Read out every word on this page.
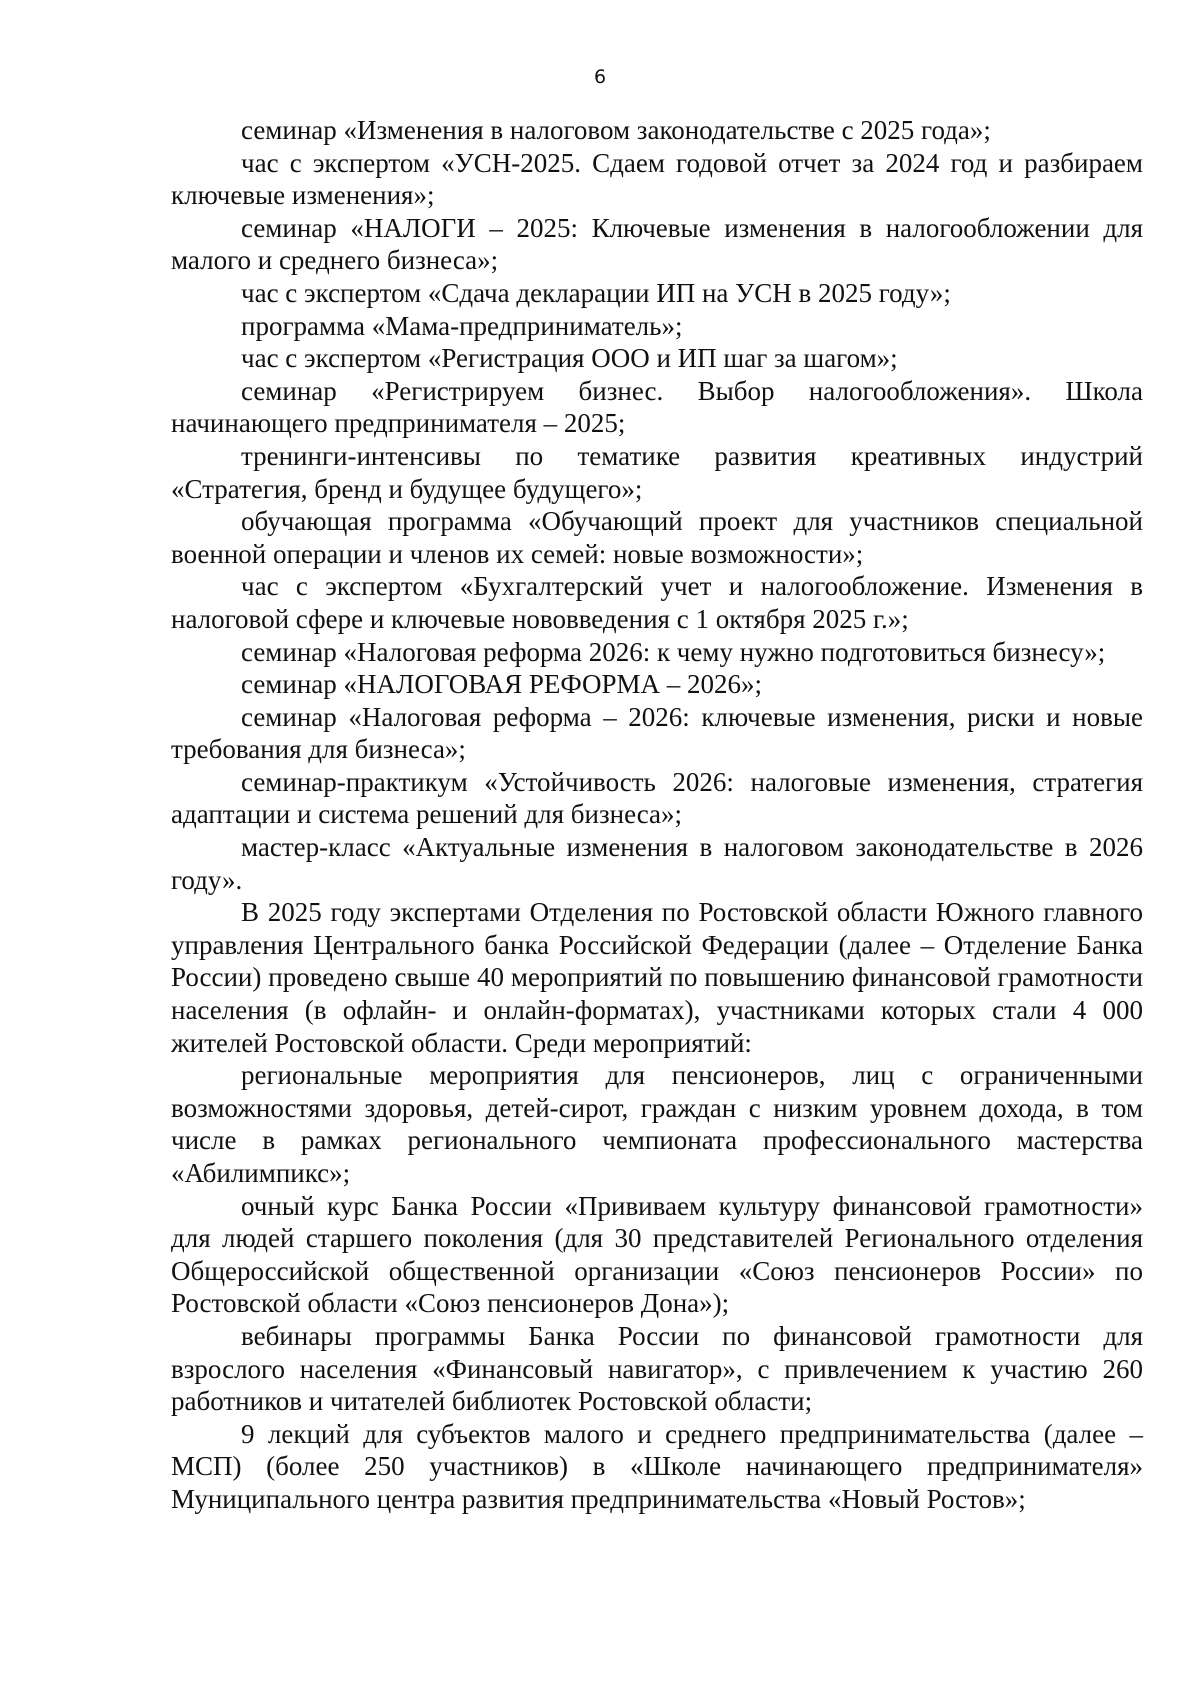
6

семинар «Изменения в налоговом законодательстве с 2025 года»;

час с экспертом «УСН-2025. Сдаем годовой отчет за 2024 год и разбираем ключевые изменения»;

семинар «НАЛОГИ – 2025: Ключевые изменения в налогообложении для малого и среднего бизнеса»;

час с экспертом «Сдача декларации ИП на УСН в 2025 году»;

программа «Мама-предприниматель»;

час с экспертом «Регистрация ООО и ИП шаг за шагом»;

семинар «Регистрируем бизнес. Выбор налогообложения». Школа начинающего предпринимателя – 2025;

тренинги-интенсивы по тематике развития креативных индустрий «Стратегия, бренд и будущее будущего»;

обучающая программа «Обучающий проект для участников специальной военной операции и членов их семей: новые возможности»;

час с экспертом «Бухгалтерский учет и налогообложение. Изменения в налоговой сфере и ключевые нововведения с 1 октября 2025 г.»;

семинар «Налоговая реформа 2026: к чему нужно подготовиться бизнесу»;

семинар «НАЛОГОВАЯ РЕФОРМА – 2026»;

семинар «Налоговая реформа – 2026: ключевые изменения, риски и новые требования для бизнеса»;

семинар-практикум «Устойчивость 2026: налоговые изменения, стратегия адаптации и система решений для бизнеса»;

мастер-класс «Актуальные изменения в налоговом законодательстве в 2026 году».

В 2025 году экспертами Отделения по Ростовской области Южного главного управления Центрального банка Российской Федерации (далее – Отделение Банка России) проведено свыше 40 мероприятий по повышению финансовой грамотности населения (в офлайн- и онлайн-форматах), участниками которых стали 4 000 жителей Ростовской области. Среди мероприятий:

региональные мероприятия для пенсионеров, лиц с ограниченными возможностями здоровья, детей-сирот, граждан с низким уровнем дохода, в том числе в рамках регионального чемпионата профессионального мастерства «Абилимпикс»;

очный курс Банка России «Прививаем культуру финансовой грамотности» для людей старшего поколения (для 30 представителей Регионального отделения Общероссийской общественной организации «Союз пенсионеров России» по Ростовской области «Союз пенсионеров Дона»);

вебинары программы Банка России по финансовой грамотности для взрослого населения «Финансовый навигатор», с привлечением к участию 260 работников и читателей библиотек Ростовской области;

9 лекций для субъектов малого и среднего предпринимательства (далее – МСП) (более 250 участников) в «Школе начинающего предпринимателя» Муниципального центра развития предпринимательства «Новый Ростов»;
